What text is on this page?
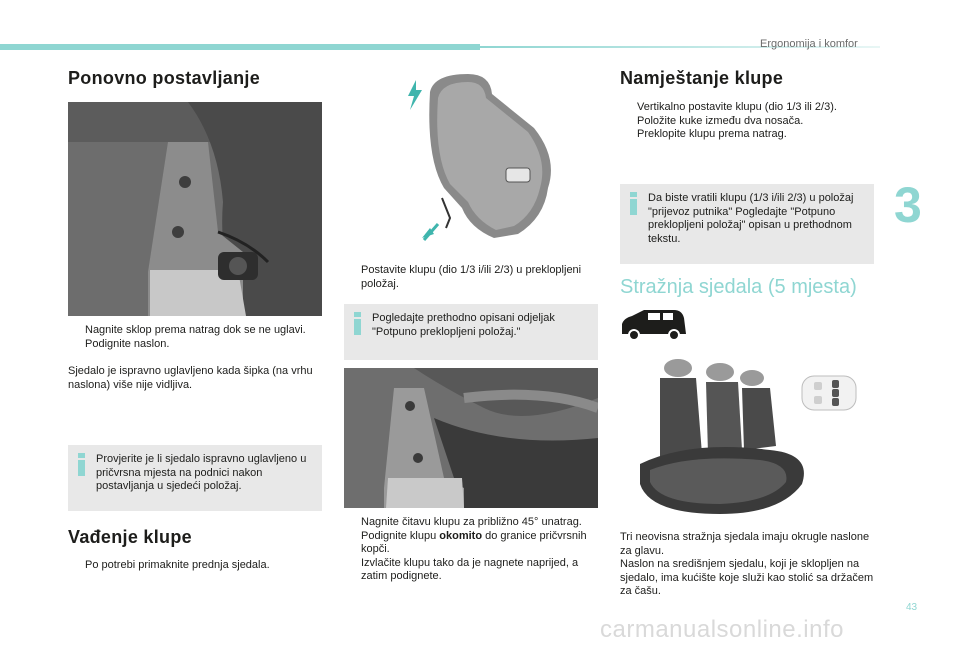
Ergonomija i komfor
3
43
carmanualsonline.info
Ponovno postavljanje
Nagnite sklop prema natrag dok se ne uglavi.
Podignite naslon.
Sjedalo je ispravno uglavljeno kada šipka (na vrhu naslona) više nije vidljiva.
Provjerite je li sjedalo ispravno uglavljeno u pričvrsna mjesta na podnici nakon postavljanja u sjedeći položaj.
Vađenje klupe
Po potrebi primaknite prednja sjedala.
Postavite klupu (dio 1/3 i/ili 2/3) u preklopljeni položaj.
Pogledajte prethodno opisani odjeljak "Potpuno preklopljeni položaj."
Nagnite čitavu klupu za približno 45° unatrag.
Podignite klupu okomito do granice pričvrsnih kopči.
Izvlačite klupu tako da je nagnete naprijed, a zatim podignete.
Namještanje klupe
Vertikalno postavite klupu (dio 1/3 ili 2/3).
Položite kuke između dva nosača.
Preklopite klupu prema natrag.
Da biste vratili klupu (1/3 i/ili 2/3) u položaj "prijevoz putnika" Pogledajte "Potpuno preklopljeni položaj" opisan u prethodnom tekstu.
Stražnja sjedala (5 mjesta)
Tri neovisna stražnja sjedala imaju okrugle naslone za glavu.
Naslon na središnjem sjedalu, koji je sklopljen na sjedalo, ima kućište koje služi kao stolić sa držačem za čašu.
